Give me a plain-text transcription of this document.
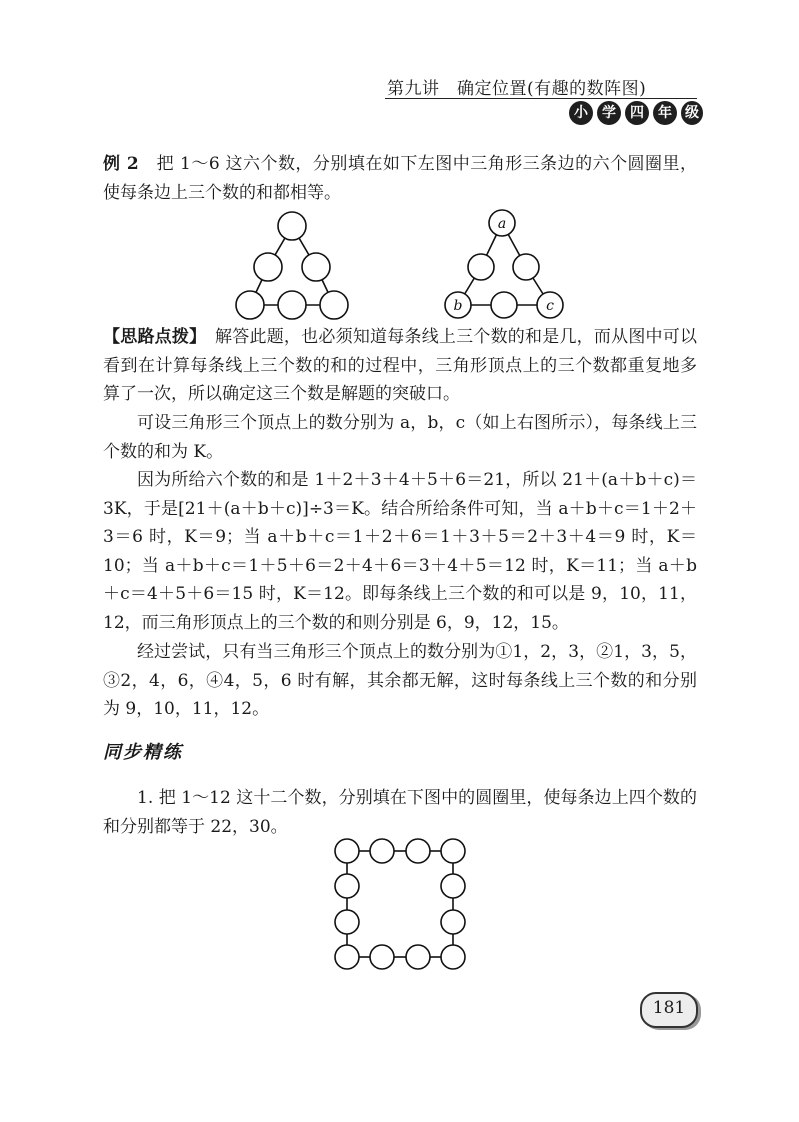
第九讲　确定位置(有趣的数阵图)
小	学	四	年 级

例 2　把 1～6 这六个数，分别填在如下左图中三角形三条边的六个圆圈里，使每条边上三个数的和都相等。

a
b	c

【思路点拨】　解答此题，也必须知道每条线上三个数的和是几，而从图中可以看到在计算每条线上三个数的和的过程中，三角形顶点上的三个数都重复地多算了一次，所以确定这三个数是解题的突破口。

可设三角形三个顶点上的数分别为 a，b，c（如上右图所示），每条线上三个数的和为 K。

因为所给六个数的和是 1＋2＋3＋4＋5＋6＝21，所以 21＋(a＋b＋c)＝3K，于是[21＋(a＋b＋c)]÷3＝K。结合所给条件可知，当 a＋b＋c＝1＋2＋3＝6 时，K＝9；当 a＋b＋c＝1＋2＋6＝1＋3＋5＝2＋3＋4＝9 时，K＝10；当 a＋b＋c＝1＋5＋6＝2＋4＋6＝3＋4＋5＝12 时，K＝11；当 a＋b＋c＝4＋5＋6＝15 时，K＝12。即每条线上三个数的和可以是 9，10，11，12，而三角形顶点上的三个数的和则分别是 6，9，12，15。

经过尝试，只有当三角形三个顶点上的数分别为①1，2，3，②1，3，5，③2，4，6，④4，5，6 时有解，其余都无解，这时每条线上三个数的和分别为 9，10，11，12。

同步精练

1. 把 1～12 这十二个数，分别填在下图中的圆圈里，使每条边上四个数的和分别都等于 22，30。

181
